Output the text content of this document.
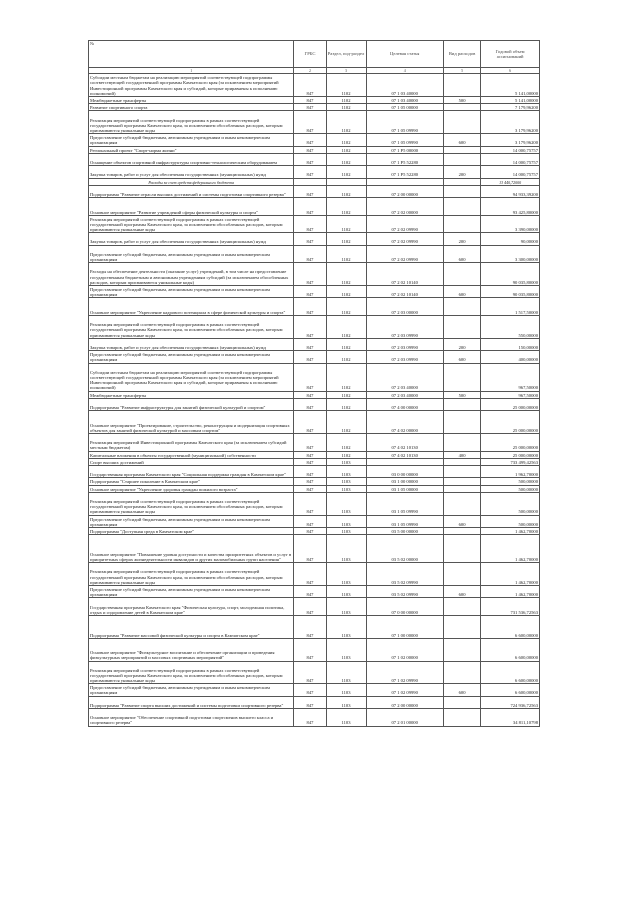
№	ГРБС	Раздел, под-раздел	Целевая статья	Вид расходов	Годовой объем ассигнований
1	2	3	4	5	6
Субсидии местным бюджетам на реализацию мероприятий соответствующей подпрограммы соответствующей государственной программы Камчатского края (за исключением мероприятий Инвестиционной программы Камчатского края и субсидий, которые приравнены к исполнению полномочий)	847	1102	07 1 03 40000		5 141,00000
Межбюджетные трансферты	847	1102	07 1 03 40000	500	5 141,00000
Развитие спортивного спорта	847	1102	07 1 05 00000		7 179,96200
Реализация мероприятий соответствующей подпрограммы в рамках соответствующей государственной программы Камчатского края, за исключением обособленных расходов, которым присваиваются уникальные коды	847	1102	07 1 05 09990		3 179,96200
Предоставление субсидий бюджетным, автономным учреждениям и иным некоммерческим организациям	847	1102	07 1 05 09990	600	3 179,96200
Региональный проект "Спорт-норма жизни"	847	1102	07 1 P5 00000		14 000,75757
Оснащение объектов спортивной инфраструктуры спортивно-технологическим оборудованием	847	1102	07 1 P5 52280		14 000,75757
Закупка товаров, работ и услуг для обеспечения государственных (муниципальных) нужд	847	1102	07 1 P5 52280	200	14 000,75757
Расходы за счет средств федерального бюджета					13 440,72000
Подпрограмма "Развитие отрасли высших достижений и системы подготовки спортивного резерва"	847	1102	07 2 00 00000		94 933,39200
Основное мероприятие "Развитие учреждений сферы физической культуры и спорта"	847	1102	07 2 02 00000		93 425,80000
Реализация мероприятий соответствующей подпрограммы в рамках соответствующей государственной программы Камчатского края, за исключением обособленных расходов, которым присваиваются уникальные коды	847	1102	07 2 02 09990		3 390,00000
Закупка товаров, работ и услуг для обеспечения государственных (муниципальных) нужд	847	1102	07 2 02 09990	200	90,00000
Предоставление субсидий бюджетным, автономным учреждениям и иным некоммерческим организациям	847	1102	07 2 02 09990	600	3 300,00000
Расходы на обеспечение деятельности (оказание услуг) учреждений, в том числе на предоставление государственным бюджетным и автономным учреждениям субсидий (за исключением обособленных расходов, которым присваиваются уникальные коды)	847	1102	07 2 02 10140		90 035,80000
Предоставление субсидий бюджетным, автономным учреждениям и иным некоммерческим организациям	847	1102	07 2 02 10140	600	90 035,80000
Основное мероприятие "Укрепление кадрового потенциала в сфере физической культуры и спорта"	847	1102	07 2 03 00000		1 517,50000
Реализация мероприятий соответствующей подпрограммы в рамках соответствующей государственной программы Камчатского края, за исключением обособленных расходов, которым присваиваются уникальные коды	847	1102	07 2 03 09990		550,00000
Закупка товаров, работ и услуг для обеспечения государственных (муниципальных) нужд	847	1102	07 2 03 09990	200	150,00000
Предоставление субсидий бюджетным, автономным учреждениям и иным некоммерческим организациям	847	1102	07 2 03 09990	600	400,00000
Субсидии местным бюджетам на реализацию мероприятий соответствующей подпрограммы соответствующей государственной программы Камчатского края (за исключением мероприятий Инвестиционной программы Камчатского края и субсидий, которые приравнены к исполнению полномочий)	847	1102	07 2 03 40000		967,50000
Межбюджетные трансферты	847	1102	07 2 03 40000	500	967,50000
Подпрограмма "Развитие инфраструктуры для занятий физической культурой и спортом"	847	1102	07 4 00 00000		25 000,00000
Основное мероприятие "Проектирование, строительство, реконструкция и модернизация спортивных объектов для занятий физической культурой и массовым спортом"	847	1102	07 4 02 00000		25 000,00000
Реализация мероприятий Инвестиционной программы Камчатского края (за исключением субсидий местным бюджетам)	847	1102	07 4 02 10130		25 000,00000
Капитальные вложения в объекты государственной (муниципальной) собственности	847	1102	07 4 02 10130	400	25 000,00000
Спорт высших достижений	847	1103			733 499,42563
Государственная программа Камчатского края "Социальная поддержка граждан в Камчатском крае"	847	1103	03 0 00 00000		1 962,70000
Подпрограмма "Старшее поколение в Камчатском крае"	847	1103	03 1 00 00000		500,00000
Основное мероприятие "Укрепление здоровья граждан пожилого возраста"	847	1103	03 1 05 00000		500,00000
Реализация мероприятий соответствующей подпрограммы в рамках соответствующей государственной программы Камчатского края, за исключением обособленных расходов, которым присваиваются уникальные коды	847	1103	03 1 05 09990		500,00000
Предоставление субсидий бюджетным, автономным учреждениям и иным некоммерческим организациям	847	1103	03 1 05 09990	600	500,00000
Подпрограмма "Доступная среда в Камчатском крае"	847	1103	03 5 00 00000		1 462,70000
Основное мероприятие "Повышение уровня доступности и качества приоритетных объектов и услуг в приоритетных сферах жизнедеятельности инвалидов и других маломобильных групп населения"	847	1103	03 5 02 00000		1 462,70000
Реализация мероприятий соответствующей подпрограммы в рамках соответствующей государственной программы Камчатского края, за исключением обособленных расходов, которым присваиваются уникальные коды	847	1103	03 5 02 09990		1 462,70000
Предоставление субсидий бюджетным, автономным учреждениям и иным некоммерческим организациям	847	1103	03 5 02 09990	600	1 462,70000
Государственная программа Камчатского края "Физическая культура, спорт, молодежная политика, отдых и оздоровление детей в Камчатском крае"	847	1103	07 0 00 00000		731 536,72563
Подпрограмма "Развитие массовой физической культуры и спорта в Камчатском крае"	847	1103	07 1 00 00000		6 600,00000
Основное мероприятие "Физкультурное воспитание и обеспечение организации и проведения физкультурных мероприятий и массовых спортивных мероприятий"	847	1103	07 1 02 00000		6 600,00000
Реализация мероприятий соответствующей подпрограммы в рамках соответствующей государственной программы Камчатского края, за исключением обособленных расходов, которым присваиваются уникальные коды	847	1103	07 1 02 09990		6 600,00000
Предоставление субсидий бюджетным, автономным учреждениям и иным некоммерческим организациям	847	1103	07 1 02 09990	600	6 600,00000
Подпрограмма "Развитие спорта высших достижений и системы подготовки спортивного резерва"	847	1103	07 2 00 00000		724 936,72563
Основное мероприятие "Обеспечение спортивной подготовки спортсменов высшего класса и спортивного резерва"	847	1103	07 2 01 00000		34 811,10798
